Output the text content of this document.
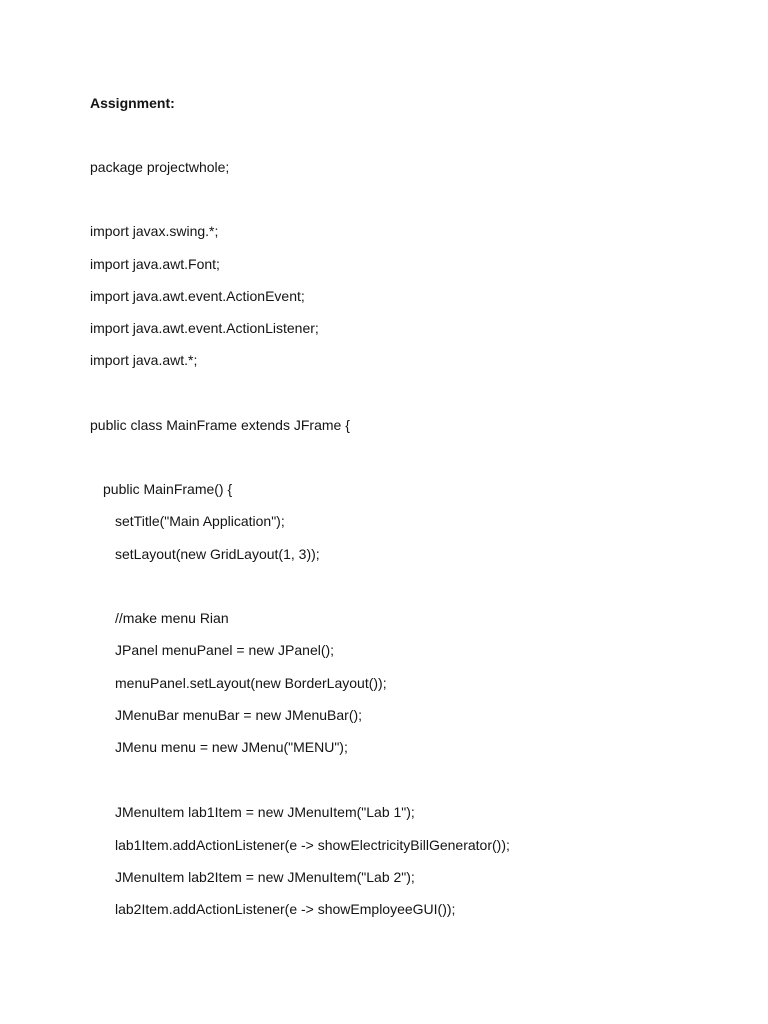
Assignment:
package projectwhole;
import javax.swing.*;
import java.awt.Font;
import java.awt.event.ActionEvent;
import java.awt.event.ActionListener;
import java.awt.*;
public class MainFrame extends JFrame {
public MainFrame() {
setTitle("Main Application");
setLayout(new GridLayout(1, 3));
//make menu Rian
JPanel menuPanel = new JPanel();
menuPanel.setLayout(new BorderLayout());
JMenuBar menuBar = new JMenuBar();
JMenu menu = new JMenu("MENU");
JMenuItem lab1Item = new JMenuItem("Lab 1");
lab1Item.addActionListener(e -> showElectricityBillGenerator());
JMenuItem lab2Item = new JMenuItem("Lab 2");
lab2Item.addActionListener(e -> showEmployeeGUI());
